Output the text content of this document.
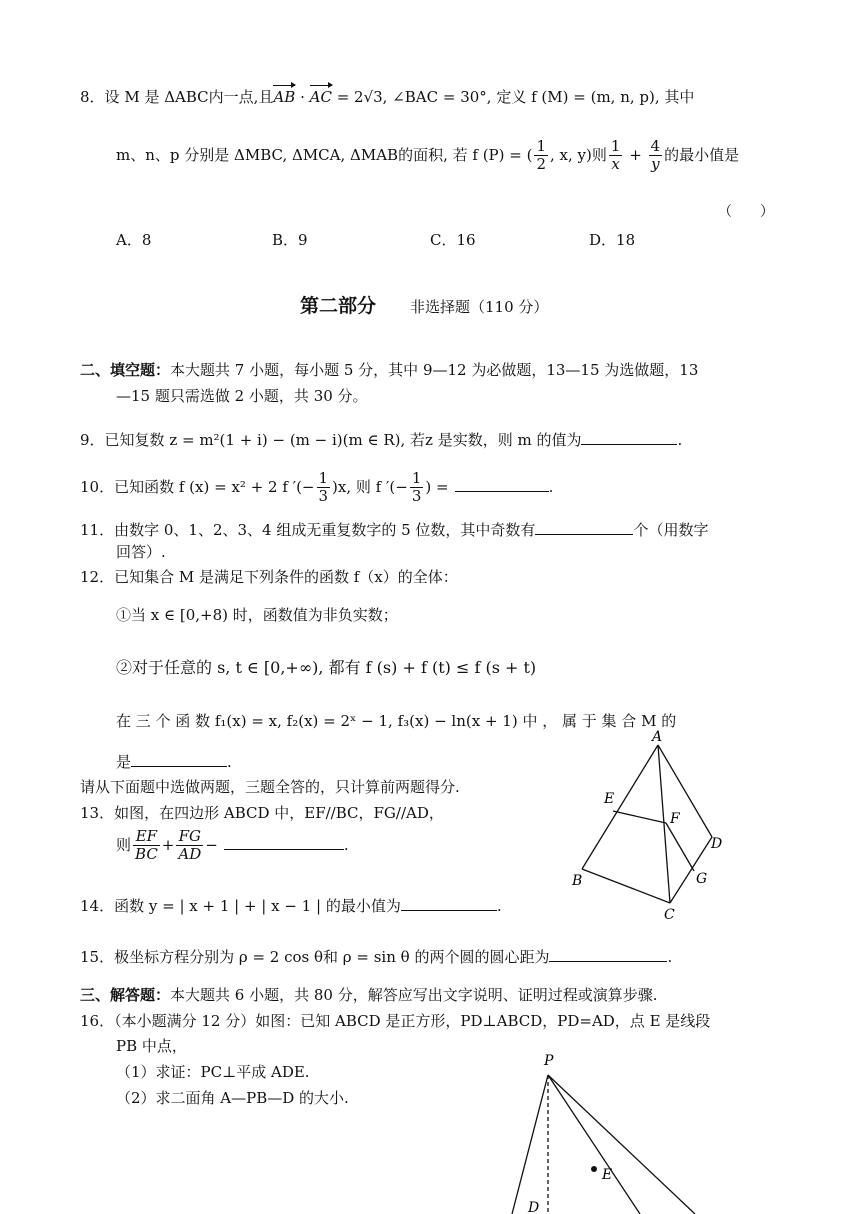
8．设 M 是 ΔABC内一点,且AB · AC = 2√3, ∠BAC = 30°, 定义 f (M) = (m, n, p), 其中
m、n、p 分别是 ΔMBC, ΔMCA, ΔMAB的面积, 若 f (P) = ( $\frac{1}{2}$ , x, y)则 $\frac{1}{x} + \frac{4}{y}$ 的最小值是
（　　）
A．8	B．9	C．16	D．18
第二部分 非选择题（110 分）
二、填空题：本大题共 7 小题，每小题 5 分，其中 9—12 为必做题，13—15 为选做题，13
—15 题只需选做 2 小题，共 30 分。
9．已知复数 z = m²(1 + i) − (m − i)(m ∈ R), 若z 是实数，则 m 的值为	.
10．已知函数 f (x) = x² + 2 f ′(− $\frac{1}{3} )x$, 则 f ′(− $\frac{1}{3}$ ) =	.
11．由数字 0、1、2、3、4 组成无重复数字的 5 位数，其中奇数有	个（用数字
回答）.
12．已知集合 M 是满足下列条件的函数 f（x）的全体：
①当 x ∈ [0,+8) 时，函数值为非负实数；
②对于任意的 s, t ∈ [0,+∞), 都有 f (s) + f (t) ≤ f (s + t)
在 三 个 函 数 f₁(x) = x, f₂(x) = 2ˣ − 1, f₃(x) − ln(x + 1) 中 ， 属 于 集 合 M 的
是	.
请从下面题中选做两题，三题全答的，只计算前两题得分.
13．如图，在四边形 ABCD 中，EF//BC，FG//AD，
则 $\frac{EF}{BC} + \frac{FG}{AD}$ −	.
14．函数 y = | x + 1 | + | x − 1 | 的最小值为	.
15．极坐标方程分别为 ρ = 2 cos θ和 ρ = sin θ 的两个圆的圆心距为	.
三、解答题：本大题共 6 小题，共 80 分，解答应写出文字说明、证明过程或演算步骤.
16．（本小题满分 12 分）如图：已知 ABCD 是正方形，PD⊥ABCD，PD=AD，点 E 是线段
PB 中点，
（1）求证：PC⊥平成 ADE.
（2）求二面角 A—PB—D 的大小.
A
E
F
D
B	G
C
P
E
D
